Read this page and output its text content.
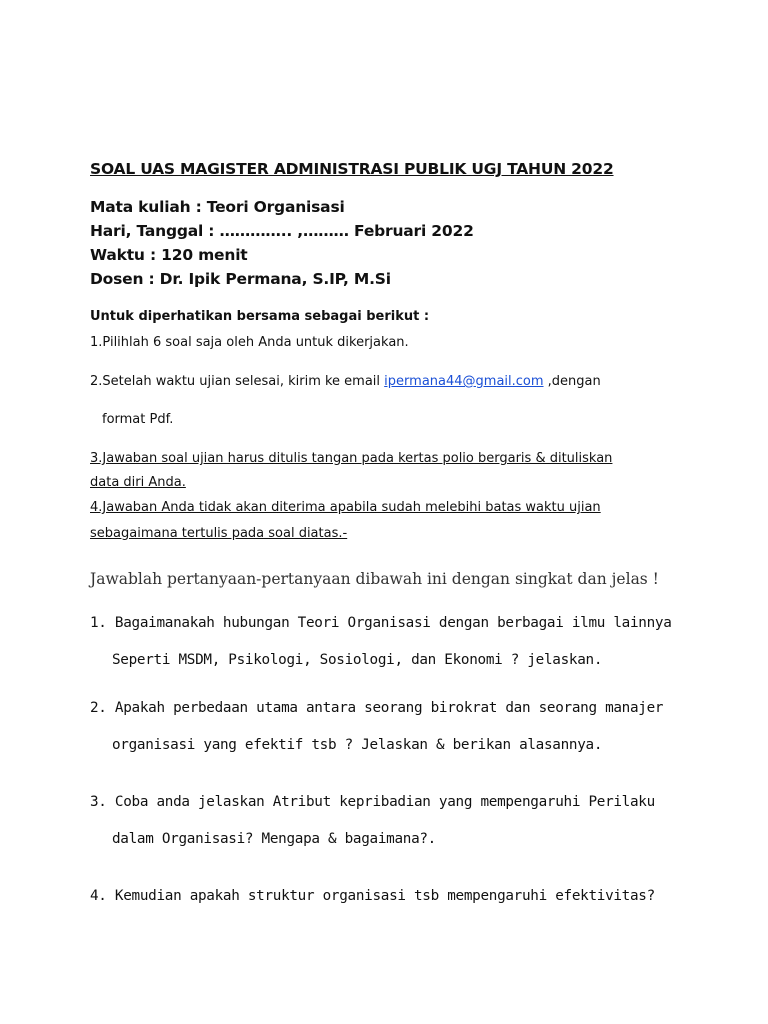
SOAL UAS MAGISTER ADMINISTRASI PUBLIK UGJ TAHUN 2022
Mata kuliah : Teori Organisasi
Hari, Tanggal : ………….. ,……… Februari 2022
Waktu : 120 menit
Dosen : Dr. Ipik Permana, S.IP, M.Si
Untuk diperhatikan bersama sebagai berikut :
1.Pilihlah 6 soal saja oleh Anda untuk dikerjakan.
2.Setelah waktu ujian selesai, kirim ke email ipermana44@gmail.com ,dengan
format Pdf.
3.Jawaban soal ujian harus ditulis tangan pada kertas polio bergaris & dituliskan
data diri Anda.
4.Jawaban Anda tidak akan diterima apabila sudah melebihi batas waktu ujian
sebagaimana tertulis pada soal diatas.-
Jawablah pertanyaan-pertanyaan dibawah ini dengan singkat dan jelas !
1. Bagaimanakah hubungan Teori Organisasi dengan berbagai ilmu lainnya
Seperti MSDM, Psikologi, Sosiologi, dan Ekonomi ? jelaskan.
2. Apakah perbedaan utama antara seorang birokrat dan seorang manajer
organisasi yang efektif tsb ? Jelaskan & berikan alasannya.
3. Coba anda jelaskan Atribut kepribadian yang mempengaruhi Perilaku
dalam Organisasi? Mengapa & bagaimana?.
4. Kemudian apakah struktur organisasi tsb mempengaruhi efektivitas?
